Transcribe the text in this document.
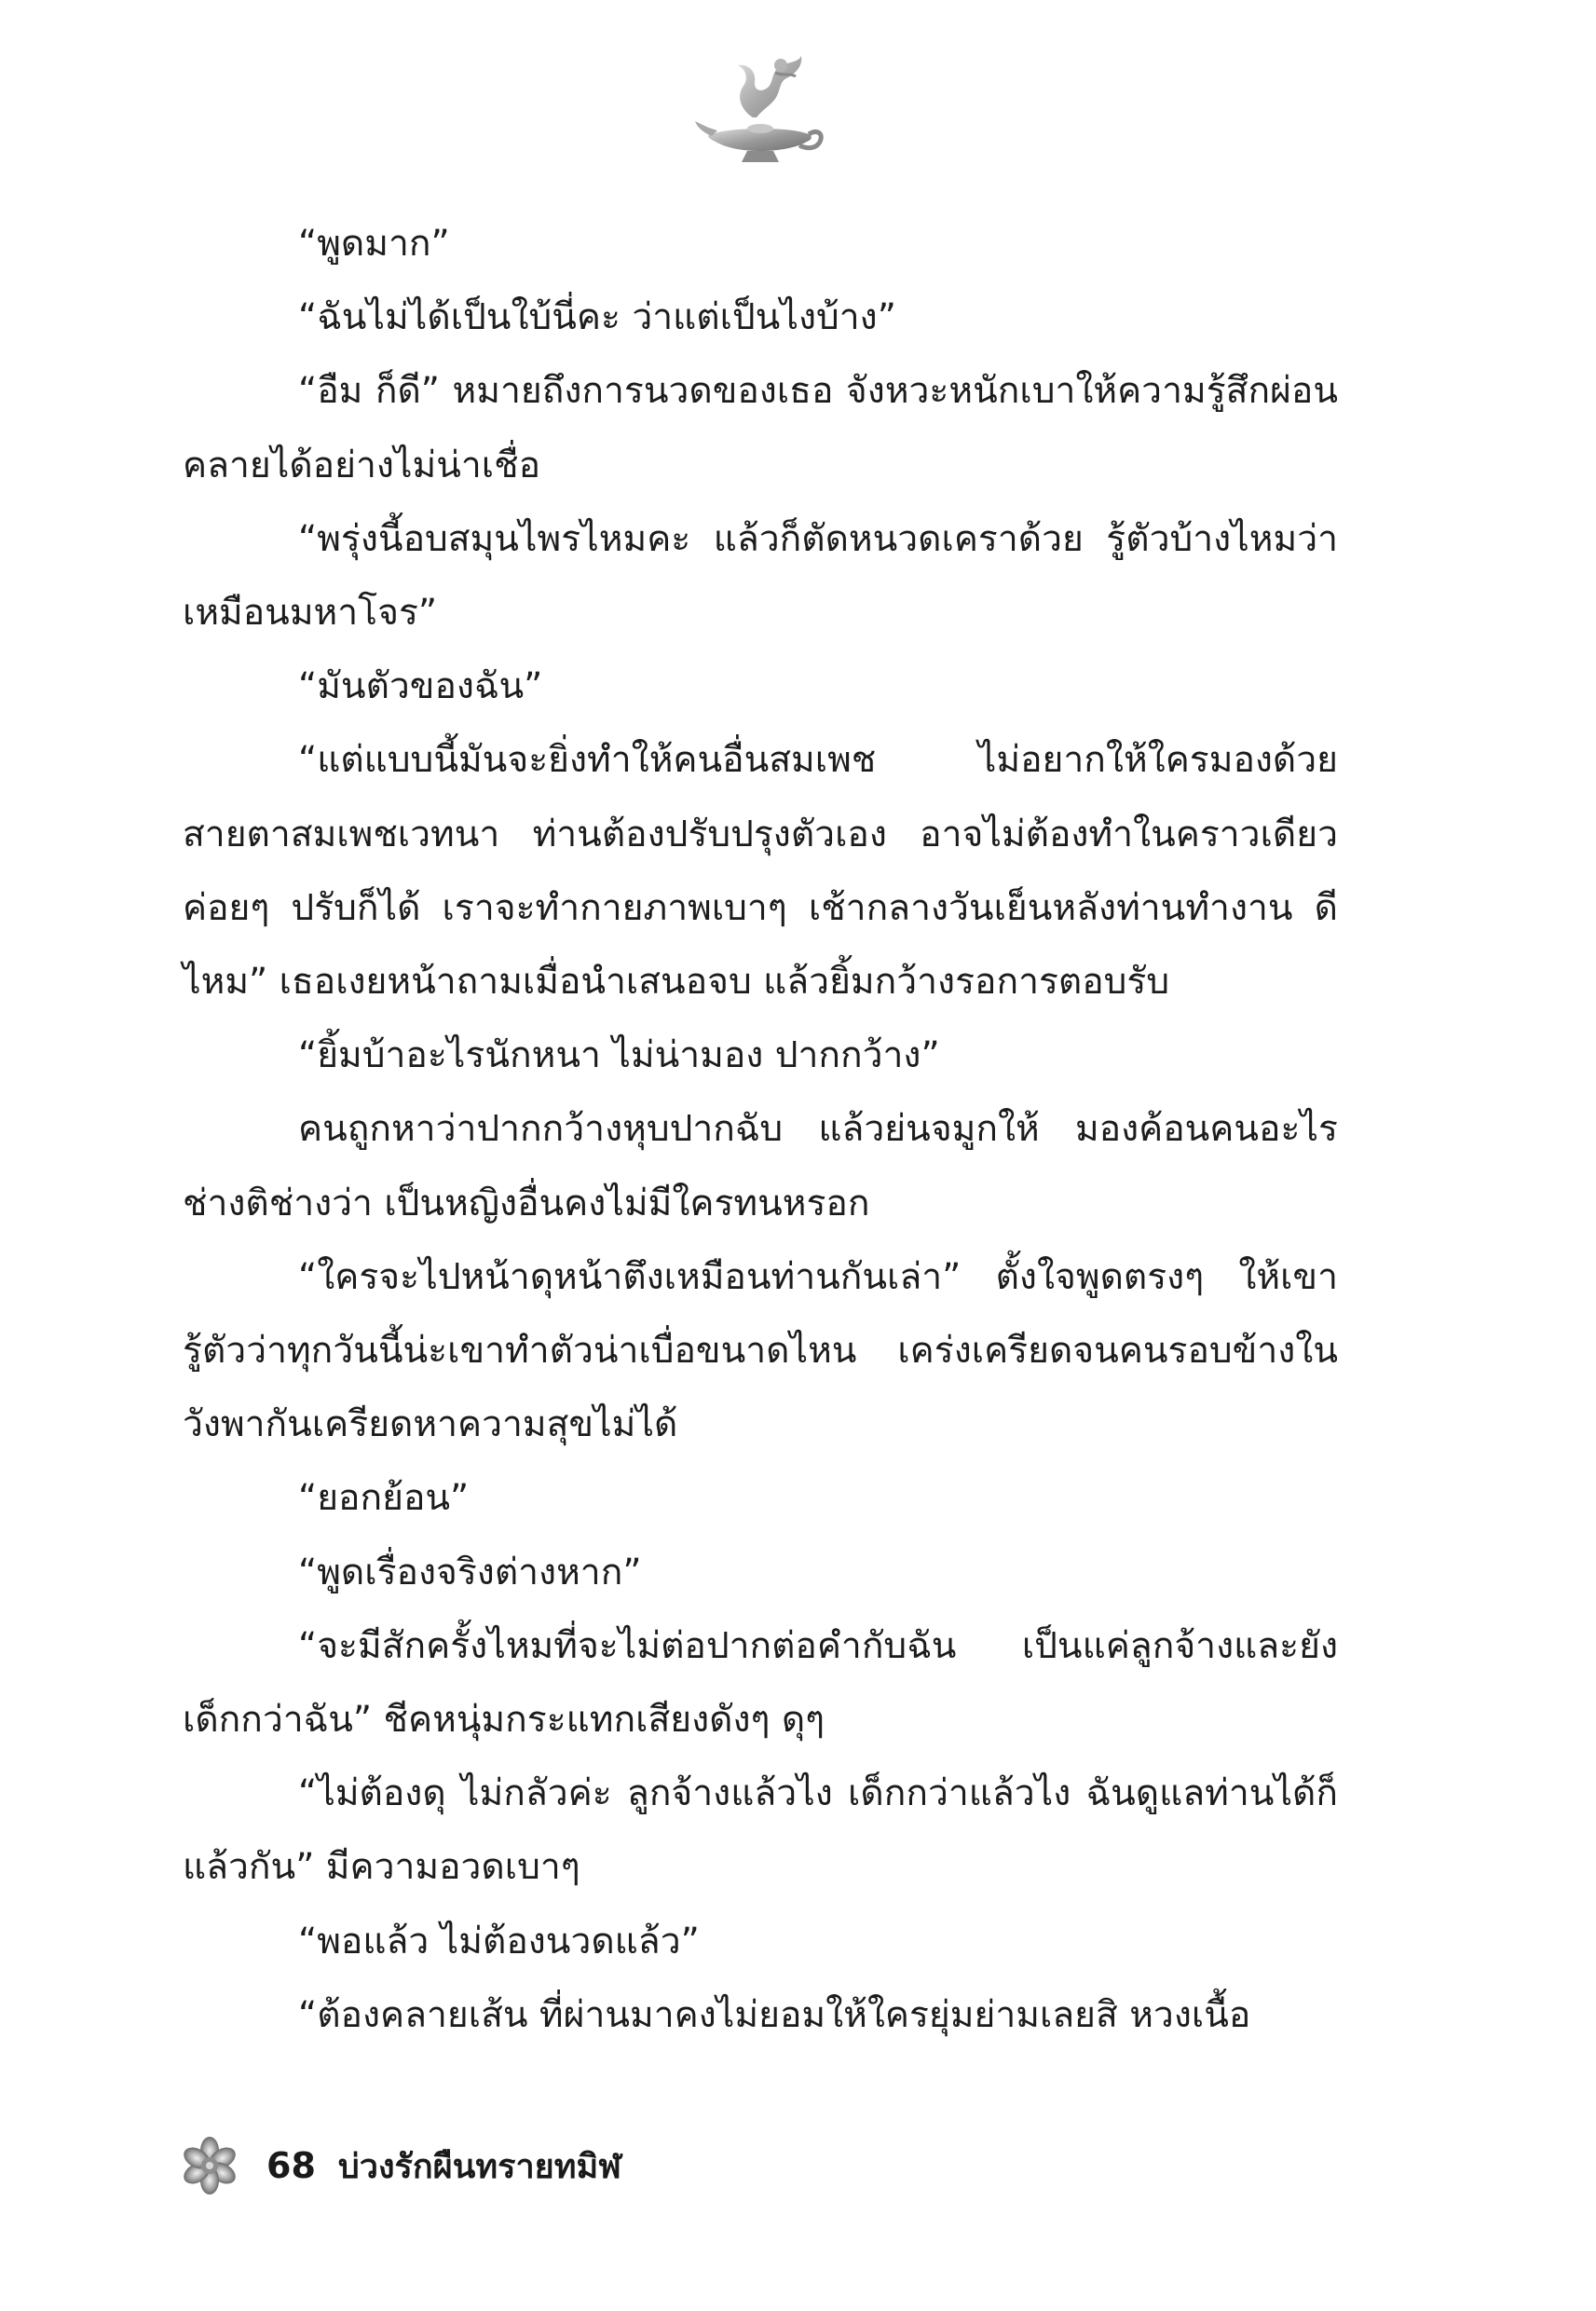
“พูดมาก”

“ฉันไม่ได้เป็นใบ้นี่คะ ว่าแต่เป็นไงบ้าง”

“อืม ก็ดี” หมายถึงการนวดของเธอ จังหวะหนักเบาให้ความรู้สึกผ่อนคลายได้อย่างไม่น่าเชื่อ

“พรุ่งนี้อบสมุนไพรไหมคะ แล้วก็ตัดหนวดเคราด้วย รู้ตัวบ้างไหมว่าเหมือนมหาโจร”

“มันตัวของฉัน”

“แต่แบบนี้มันจะยิ่งทำให้คนอื่นสมเพช ไม่อยากให้ใครมองด้วยสายตาสมเพชเวทนา ท่านต้องปรับปรุงตัวเอง อาจไม่ต้องทำในคราวเดียว ค่อยๆ ปรับก็ได้ เราจะทำกายภาพเบาๆ เช้ากลางวันเย็นหลังท่านทำงาน ดีไหม” เธอเงยหน้าถามเมื่อนำเสนอจบ แล้วยิ้มกว้างรอการตอบรับ

“ยิ้มบ้าอะไรนักหนา ไม่น่ามอง ปากกว้าง”

คนถูกหาว่าปากกว้างหุบปากฉับ แล้วย่นจมูกให้ มองค้อนคนอะไรช่างติช่างว่า เป็นหญิงอื่นคงไม่มีใครทนหรอก

“ใครจะไปหน้าดุหน้าตึงเหมือนท่านกันเล่า” ตั้งใจพูดตรงๆ ให้เขารู้ตัวว่าทุกวันนี้น่ะเขาทำตัวน่าเบื่อขนาดไหน เคร่งเครียดจนคนรอบข้างในวังพากันเครียดหาความสุขไม่ได้

“ยอกย้อน”

“พูดเรื่องจริงต่างหาก”

“จะมีสักครั้งไหมที่จะไม่ต่อปากต่อคำกับฉัน เป็นแค่ลูกจ้างและยังเด็กกว่าฉัน” ชีคหนุ่มกระแทกเสียงดังๆ ดุๆ

“ไม่ต้องดุ ไม่กลัวค่ะ ลูกจ้างแล้วไง เด็กกว่าแล้วไง ฉันดูแลท่านได้ก็แล้วกัน” มีความอวดเบาๆ

“พอแล้ว ไม่ต้องนวดแล้ว”

“ต้องคลายเส้น ที่ผ่านมาคงไม่ยอมให้ใครยุ่มย่ามเลยสิ หวงเนื้อ

68 บ่วงรักผืนทรายทมิฬ
